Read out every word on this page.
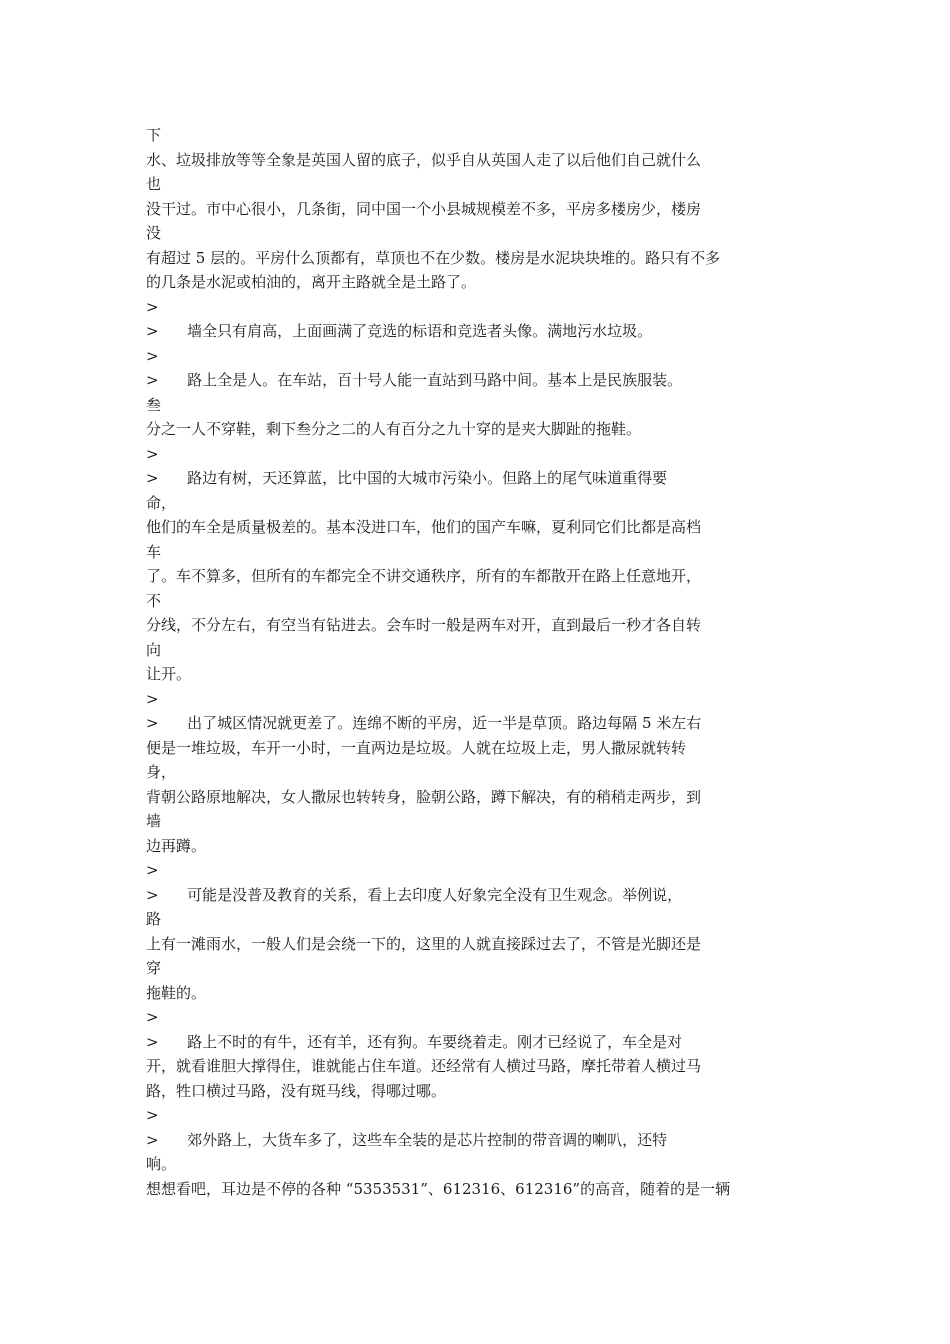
下
水、垃圾排放等等全象是英国人留的底子，似乎自从英国人走了以后他们自己就什么
也
没干过。市中心很小，几条街，同中国一个小县城规模差不多，平房多楼房少，楼房
没
有超过 5 层的。平房什么顶都有，草顶也不在少数。楼房是水泥块块堆的。路只有不多
的几条是水泥或柏油的，离开主路就全是土路了。
>
>      墙全只有肩高，上面画满了竞选的标语和竞选者头像。满地污水垃圾。
>
>      路上全是人。在车站，百十号人能一直站到马路中间。基本上是民族服装。
叁
分之一人不穿鞋，剩下叁分之二的人有百分之九十穿的是夹大脚趾的拖鞋。
>
>      路边有树，天还算蓝，比中国的大城市污染小。但路上的尾气味道重得要
命，
他们的车全是质量极差的。基本没进口车，他们的国产车嘛，夏利同它们比都是高档
车
了。车不算多，但所有的车都完全不讲交通秩序，所有的车都散开在路上任意地开，
不
分线，不分左右，有空当有钻进去。会车时一般是两车对开，直到最后一秒才各自转
向
让开。
>
>      出了城区情况就更差了。连绵不断的平房，近一半是草顶。路边每隔 5 米左右
便是一堆垃圾，车开一小时，一直两边是垃圾。人就在垃圾上走，男人撒尿就转转
身，
背朝公路原地解决，女人撒尿也转转身，脸朝公路，蹲下解决，有的稍稍走两步，到
墙
边再蹲。
>
>      可能是没普及教育的关系，看上去印度人好象完全没有卫生观念。举例说，
路
上有一滩雨水，一般人们是会绕一下的，这里的人就直接踩过去了，不管是光脚还是
穿
拖鞋的。
>
>      路上不时的有牛，还有羊，还有狗。车要绕着走。刚才已经说了，车全是对
开，就看谁胆大撑得住，谁就能占住车道。还经常有人横过马路，摩托带着人横过马
路，牲口横过马路，没有斑马线，得哪过哪。
>
>      郊外路上，大货车多了，这些车全装的是芯片控制的带音调的喇叭，还特
响。
想想看吧，耳边是不停的各种 “5353531”、612316、612316”的高音，随着的是一辆
